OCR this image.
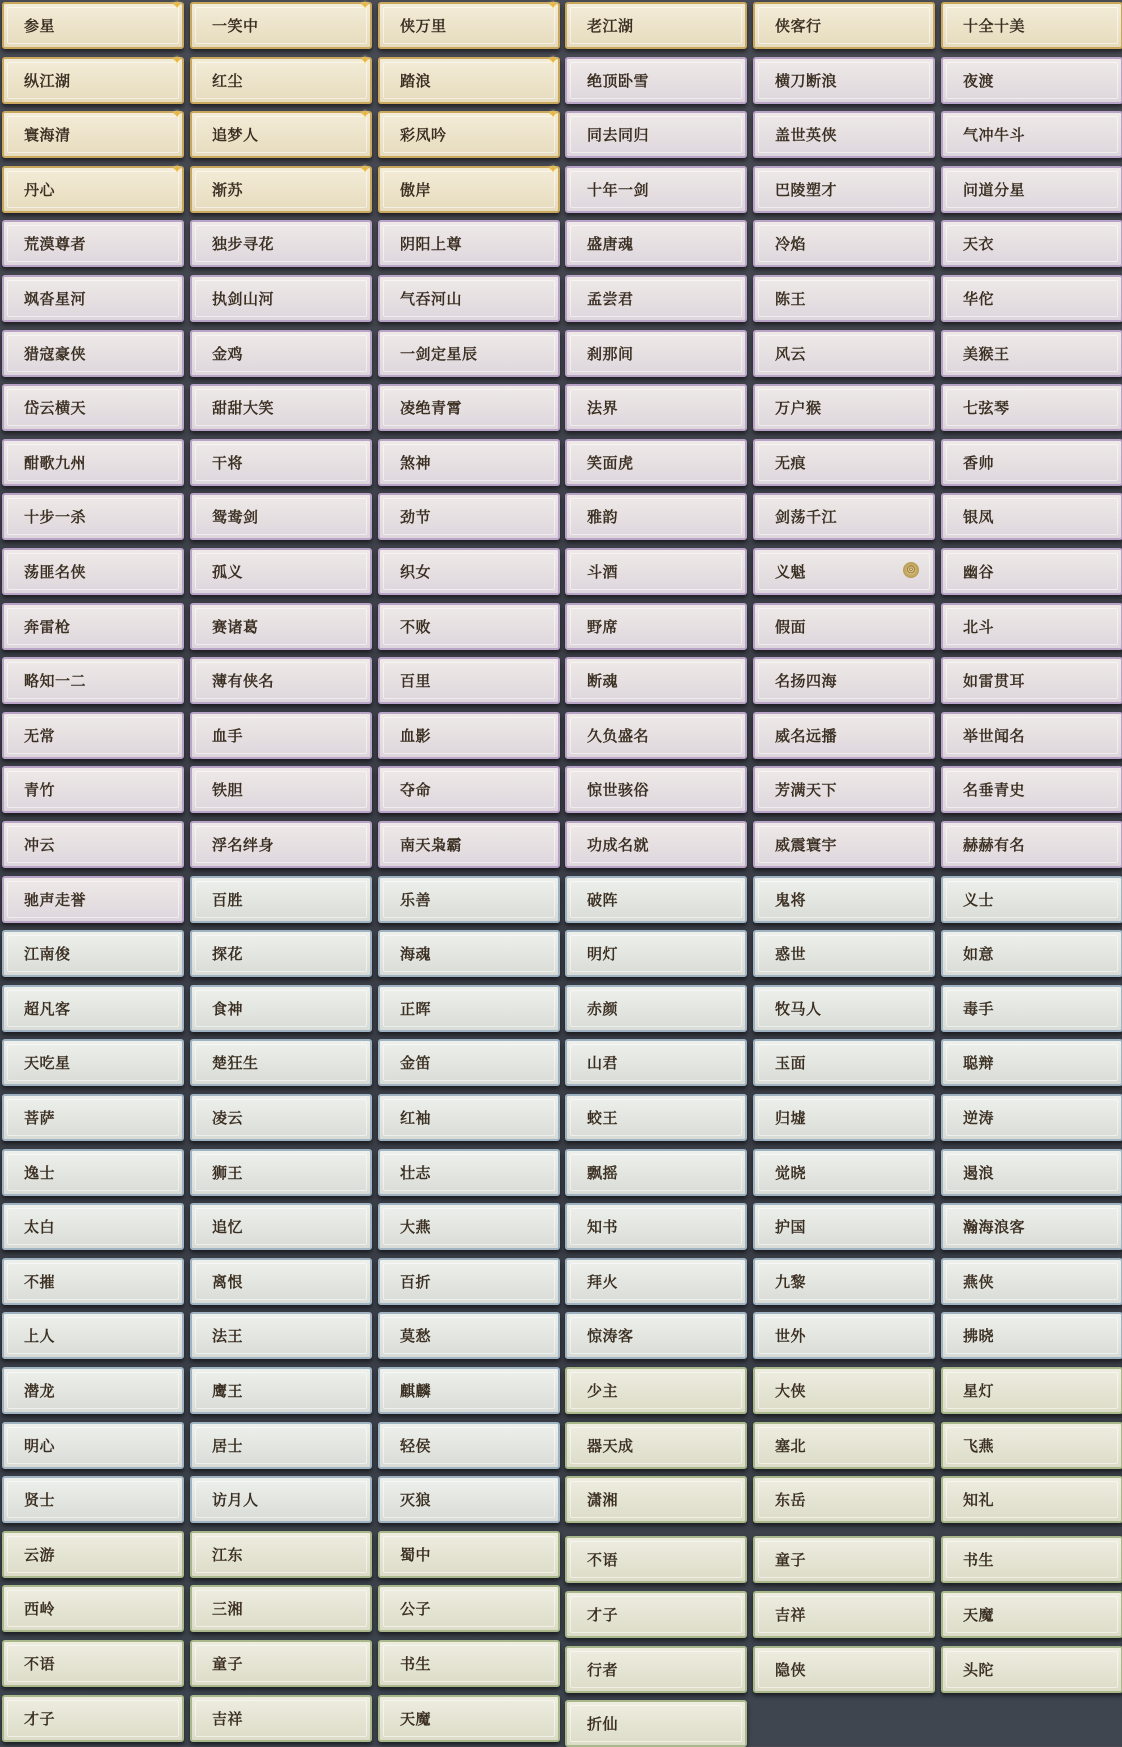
参星
✦
纵江湖
✦
寰海清
✦
丹心
✦
荒漠尊者
飒沓星河
猎寇豪侠
岱云横天
酣歌九州
十步一杀
荡匪名侠
奔雷枪
略知一二
无常
青竹
冲云
驰声走誉
江南俊
超凡客
天吃星
菩萨
逸士
太白
不摧
上人
潜龙
明心
贤士
云游
西岭
不语
才子
一笑中
✦
红尘
✦
追梦人
✦
渐苏
✦
独步寻花
执剑山河
金鸡
甜甜大笑
干将
鸳鸯剑
孤义
赛诸葛
薄有侠名
血手
铁胆
浮名绊身
百胜
探花
食神
楚狂生
凌云
狮王
追忆
离恨
法王
鹰王
居士
访月人
江东
三湘
童子
吉祥
侠万里
✦
踏浪
✦
彩凤吟
✦
傲岸
✦
阴阳上尊
气吞河山
一剑定星辰
凌绝青霄
煞神
劲节
织女
不败
百里
血影
夺命
南天枭霸
乐善
海魂
正晖
金笛
红袖
壮志
大燕
百折
莫愁
麒麟
轻侯
灭狼
蜀中
公子
书生
天魔
老江湖
绝顶卧雪
同去同归
十年一剑
盛唐魂
孟尝君
刹那间
法界
笑面虎
雅韵
斗酒
野席
断魂
久负盛名
惊世骇俗
功成名就
破阵
明灯
赤颜
山君
蛟王
飘摇
知书
拜火
惊涛客
少主
器天成
潇湘
不语
才子
行者
折仙
侠客行
横刀断浪
盖世英侠
巴陵塑才
冷焰
陈王
风云
万户猴
无痕
剑荡千江
义魁	◎
假面
名扬四海
威名远播
芳满天下
威震寰宇
鬼将
惑世
牧马人
玉面
归墟
觉晓
护国
九黎
世外
大侠
塞北
东岳
童子
吉祥
隐侠
十全十美
夜渡
气冲牛斗
问道分星
天衣
华佗
美猴王
七弦琴
香帅
银凤
幽谷
北斗
如雷贯耳
举世闻名
名垂青史
赫赫有名
义士
如意
毒手
聪辩
逆涛
遏浪
瀚海浪客
燕侠
拂晓
星灯
飞燕
知礼
书生
天魔
头陀
